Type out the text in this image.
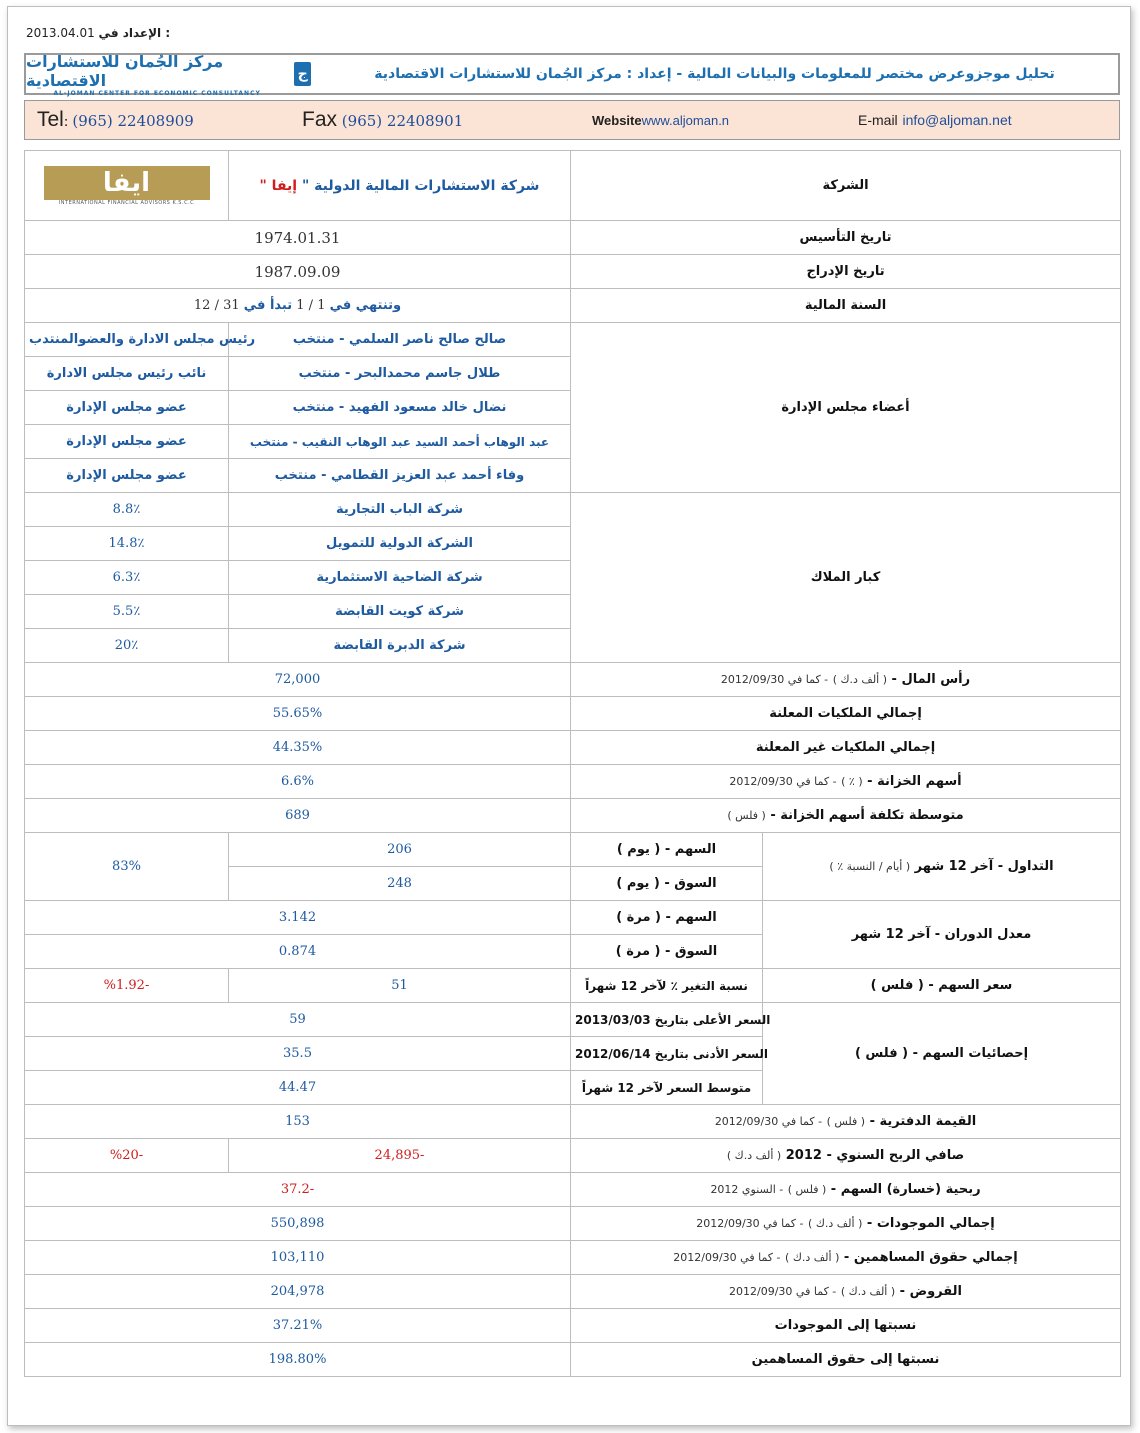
2013.04.01 الإعداد في :
مركز الجُمان للاستشارات الاقتصادية
AL-JOMAN CENTER FOR ECONOMIC CONSULTANCY
ج	تحليل موجزوعرض مختصر للمعلومات والبيانات المالية - إعداد : مركز الجُمان للاستشارات الاقتصادية
Tel: (965) 22408909	Fax (965) 22408901	Websitewww.aljoman.n	E-mail info@aljoman.net
ايفا
INTERNATIONAL FINANCIAL ADVISORS K.S.C.C	شركة الاستشارات المالية الدولية " إيفا "	الشركة	
1974.01.31		تاريخ التأسيس	
1987.09.09		تاريخ الإدراج	
12 / 31 وتنتهي في 1 / 1 تبدأ في		السنة المالية	
رئيس مجلس الادارة والعضوالمنتدب	صالح صالح ناصر السلمي - منتخب	أعضاء مجلس الإدارة	
نائب رئيس مجلس الادارة	طلال جاسم محمدالبحر - منتخب		
عضو مجلس الإدارة	نضال خالد مسعود الفهيد - منتخب		
عضو مجلس الإدارة	عبد الوهاب أحمد السيد عبد الوهاب النقيب - منتخب		
عضو مجلس الإدارة	وفاء أحمد عبد العزيز القطامي - منتخب		
8.8٪	شركة الباب التجارية	كبار الملاك	
14.8٪	الشركة الدولية للتمويل		
6.3٪	شركة الضاحية الاستثمارية		
5.5٪	شركة كويت القابضة		
20٪	شركة الدبرة القابضة		
72,000		رأس المال - ( ألف د.ك ) - كما في 2012/09/30	
55.65%		إجمالي الملكيات المعلنة	
44.35%		إجمالي الملكيات غير المعلنة	
6.6%		أسهم الخزانة - ( ٪ ) - كما في 2012/09/30	
689		متوسطة تكلفة أسهم الخزانة - ( فلس )	
83%	206	السهم - ( يوم )	التداول - آخر 12 شهر ( أيام / النسبة ٪ )
	248	السوق - ( يوم )	
3.142		السهم - ( مرة )	معدل الدوران - آخر 12 شهر
0.874		السوق - ( مرة )	
%1.92-	51	نسبة التغير ٪ لآخر 12 شهراً	سعر السهم - ( فلس )
59		السعر الأعلى بتاريخ 2013/03/03	إحصائيات السهم - ( فلس )
35.5		السعر الأدنى بتاريخ 2012/06/14	
44.47		متوسط السعر لآخر 12 شهراً	
153		القيمة الدفترية - ( فلس ) - كما في 2012/09/30	
%20-	24,895-	صافي الربح السنوي - 2012 ( ألف د.ك )	
37.2-		ربحية (خسارة) السهم - ( فلس ) - السنوي 2012	
550,898		إجمالي الموجودات - ( ألف د.ك ) - كما في 2012/09/30	
103,110		إجمالي حقوق المساهمين - ( ألف د.ك ) - كما في 2012/09/30	
204,978		القروض - ( ألف د.ك ) - كما في 2012/09/30	
37.21%		نسبتها إلى الموجودات	
198.80%		نسبتها إلى حقوق المساهمين	
